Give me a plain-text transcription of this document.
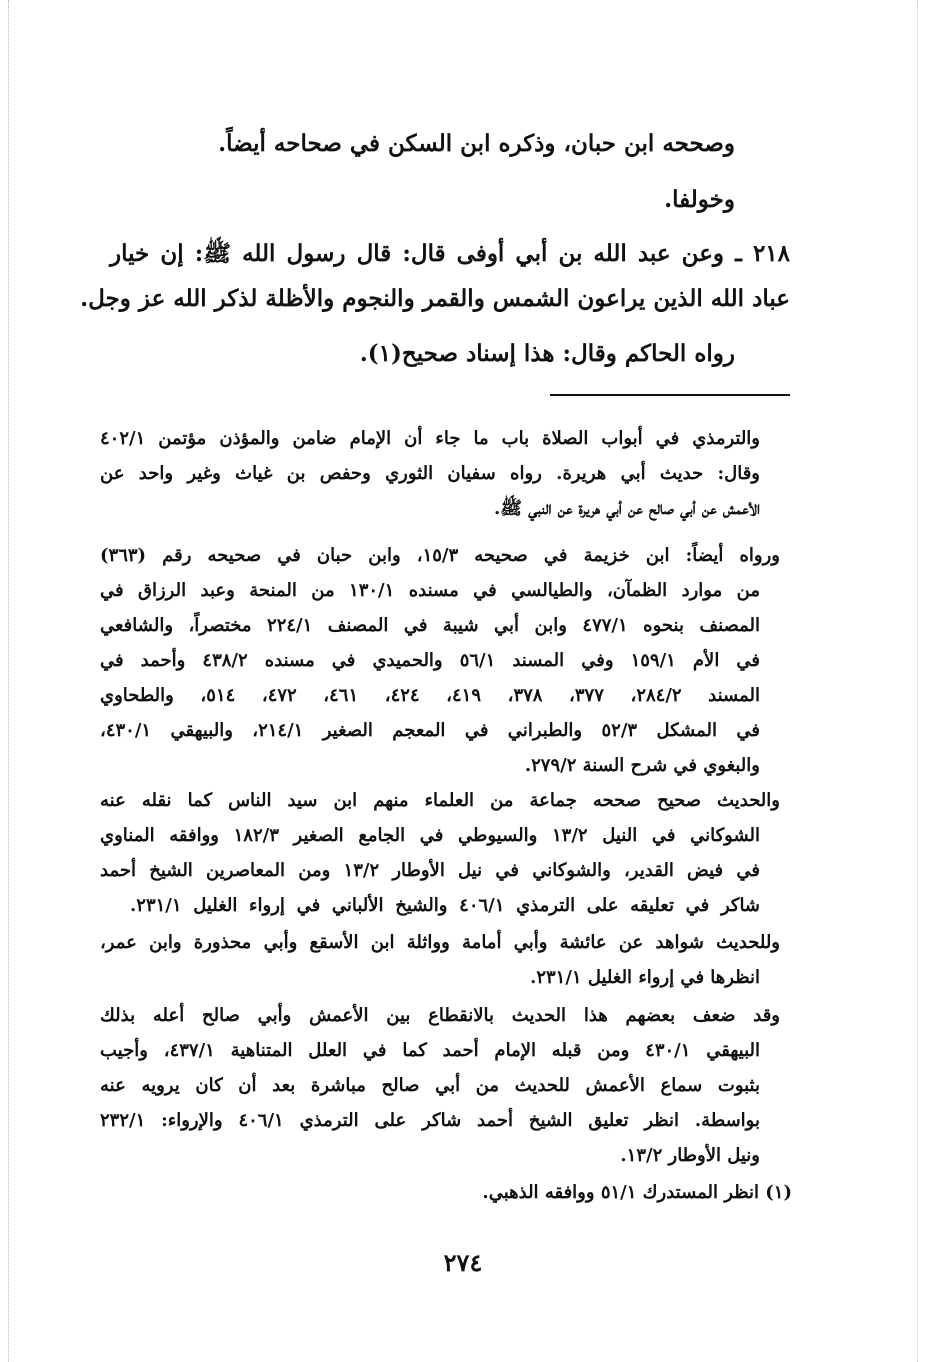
وصححه ابن حبان، وذكره ابن السكن في صحاحه أيضاً.
وخولفا.
٢١٨ ـ وعن عبد الله بن أبي أوفى قال: قال رسول الله ﷺ: إن خيار
عباد الله الذين يراعون الشمس والقمر والنجوم والأظلة لذكر الله عز وجل.
رواه الحاكم وقال: هذا إسناد صحيح(١).
والترمذي في أبواب الصلاة باب ما جاء أن الإمام ضامن والمؤذن مؤتمن ٤٠٢/١
وقال: حديث أبي هريرة. رواه سفيان الثوري وحفص بن غياث وغير واحد عن
الأعمش عن أبي صالح عن أبي هريرة عن النبي ﷺ.
ورواه أيضاً: ابن خزيمة في صحيحه ١٥/٣، وابن حبان في صحيحه رقم (٣٦٣)
من موارد الظمآن، والطيالسي في مسنده ١٣٠/١ من المنحة وعبد الرزاق في
المصنف بنحوه ٤٧٧/١ وابن أبي شيبة في المصنف ٢٢٤/١ مختصراً، والشافعي
في الأم ١٥٩/١ وفي المسند ٥٦/١ والحميدي في مسنده ٤٣٨/٢ وأحمد في
المسند ٢٨٤/٢، ٣٧٧، ٣٧٨، ٤١٩، ٤٢٤، ٤٦١، ٤٧٢، ٥١٤، والطحاوي
في المشكل ٥٢/٣ والطبراني في المعجم الصغير ٢١٤/١، والبيهقي ٤٣٠/١،
والبغوي في شرح السنة ٢٧٩/٢.
والحديث صحيح صححه جماعة من العلماء منهم ابن سيد الناس كما نقله عنه
الشوكاني في النيل ١٣/٢ والسيوطي في الجامع الصغير ١٨٢/٣ ووافقه المناوي
في فيض القدير، والشوكاني في نيل الأوطار ١٣/٢ ومن المعاصرين الشيخ أحمد
شاكر في تعليقه على الترمذي ٤٠٦/١ والشيخ الألباني في إرواء الغليل ٢٣١/١.
وللحديث شواهد عن عائشة وأبي أمامة وواثلة ابن الأسقع وأبي محذورة وابن عمر،
انظرها في إرواء الغليل ٢٣١/١.
وقد ضعف بعضهم هذا الحديث بالانقطاع بين الأعمش وأبي صالح أعله بذلك
البيهقي ٤٣٠/١ ومن قبله الإمام أحمد كما في العلل المتناهية ٤٣٧/١، وأجيب
بثبوت سماع الأعمش للحديث من أبي صالح مباشرة بعد أن كان يرويه عنه
بواسطة. انظر تعليق الشيخ أحمد شاكر على الترمذي ٤٠٦/١ والإرواء: ٢٣٢/١
ونيل الأوطار ١٣/٢.
(١) انظر المستدرك ٥١/١ ووافقه الذهبي.
٢٧٤
